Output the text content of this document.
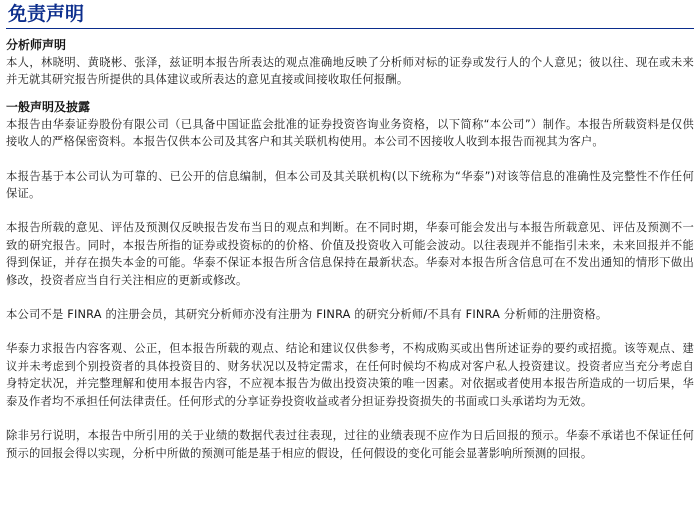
免责声明
分析师声明

本人，林晓明、黄晓彬、张泽，兹证明本报告所表达的观点准确地反映了分析师对标的证券或发行人的个人意见；彼以往、现在或未来并无就其研究报告所提供的具体建议或所表达的意见直接或间接收取任何报酬。

一般声明及披露

本报告由华泰证券股份有限公司（已具备中国证监会批准的证券投资咨询业务资格，以下简称“本公司”）制作。本报告所载资料是仅供接收人的严格保密资料。本报告仅供本公司及其客户和其关联机构使用。本公司不因接收人收到本报告而视其为客户。

本报告基于本公司认为可靠的、已公开的信息编制，但本公司及其关联机构(以下统称为“华泰”)对该等信息的准确性及完整性不作任何保证。

本报告所载的意见、评估及预测仅反映报告发布当日的观点和判断。在不同时期，华泰可能会发出与本报告所载意见、评估及预测不一致的研究报告。同时，本报告所指的证券或投资标的的价格、价值及投资收入可能会波动。以往表现并不能指引未来，未来回报并不能得到保证，并存在损失本金的可能。华泰不保证本报告所含信息保持在最新状态。华泰对本报告所含信息可在不发出通知的情形下做出修改，投资者应当自行关注相应的更新或修改。

本公司不是 FINRA 的注册会员，其研究分析师亦没有注册为 FINRA 的研究分析师/不具有 FINRA 分析师的注册资格。

华泰力求报告内容客观、公正，但本报告所载的观点、结论和建议仅供参考，不构成购买或出售所述证券的要约或招揽。该等观点、建议并未考虑到个别投资者的具体投资目的、财务状况以及特定需求，在任何时候均不构成对客户私人投资建议。投资者应当充分考虑自身特定状况，并完整理解和使用本报告内容，不应视本报告为做出投资决策的唯一因素。对依据或者使用本报告所造成的一切后果，华泰及作者均不承担任何法律责任。任何形式的分享证券投资收益或者分担证券投资损失的书面或口头承诺均为无效。

除非另行说明，本报告中所引用的关于业绩的数据代表过往表现，过往的业绩表现不应作为日后回报的预示。华泰不承诺也不保证任何预示的回报会得以实现，分析中所做的预测可能是基于相应的假设，任何假设的变化可能会显著影响所预测的回报。
